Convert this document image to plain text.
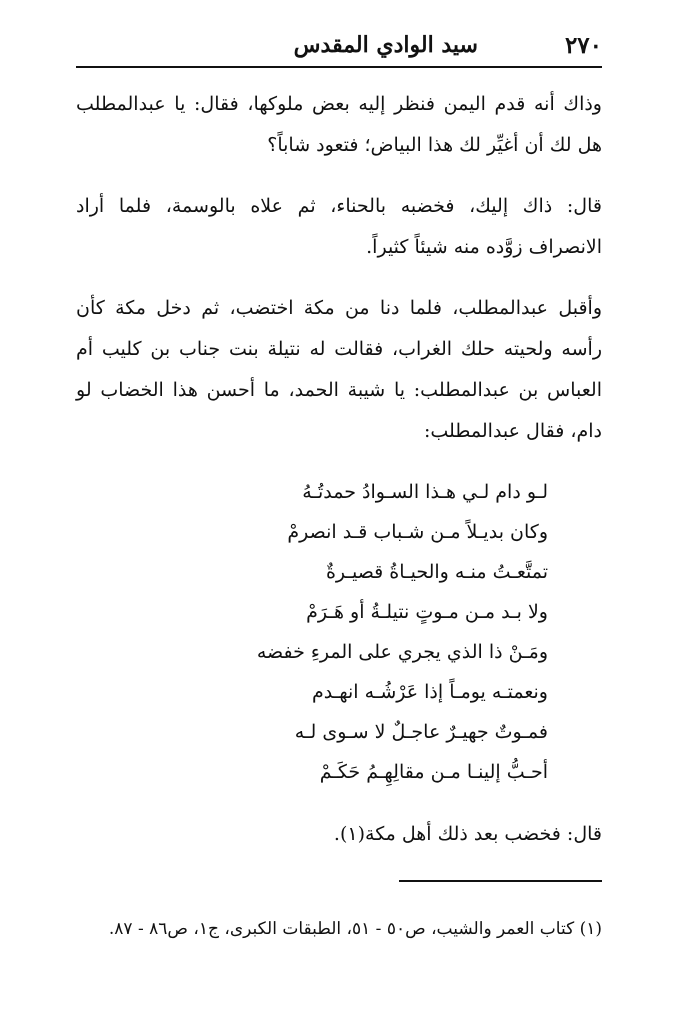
٢٧٠
سيد الوادي المقدس

وذاك أنه قدم اليمن فنظر إليه بعض ملوكها، فقال: يا عبدالمطلب هل لك أن أغيِّر لك هذا البياض؛ فتعود شاباً؟

قال: ذاك إليك، فخضبه بالحناء، ثم علاه بالوسمة، فلما أراد الانصراف زوَّده منه شيئاً كثيراً.

وأقبل عبدالمطلب، فلما دنا من مكة اختضب، ثم دخل مكة كأن رأسه ولحيته حلك الغراب، فقالت له نتيلة بنت جناب بن كليب أم العباس بن عبدالمطلب: يا شيبة الحمد، ما أحسن هذا الخضاب لو دام، فقال عبدالمطلب:

لـو دام لـي هـذا السـوادُ حمدتُـهُ

وكان بديـلاً مـن شـباب قـد انصرمْ

تمتَّعـتُ منـه والحيـاةُ قصيـرةٌ

ولا بـد مـن مـوتٍ نتيلـةُ أو هَـرَمْ

ومَـنْ ذا الذي يجري على المرءِ خفضه

ونعمتـه يومـاً إذا عَرْشُـه انهـدم

فمـوتٌ جهيـرٌ عاجـلٌ لا سـوى لـه

أحـبُّ إلينـا مـن مقالِهِـمُ حَكَـمْ

قال: فخضب بعد ذلك أهل مكة(١).

(١) كتاب العمر والشيب، ص٥٠ - ٥١، الطبقات الكبرى، ج١، ص٨٦ - ٨٧.
